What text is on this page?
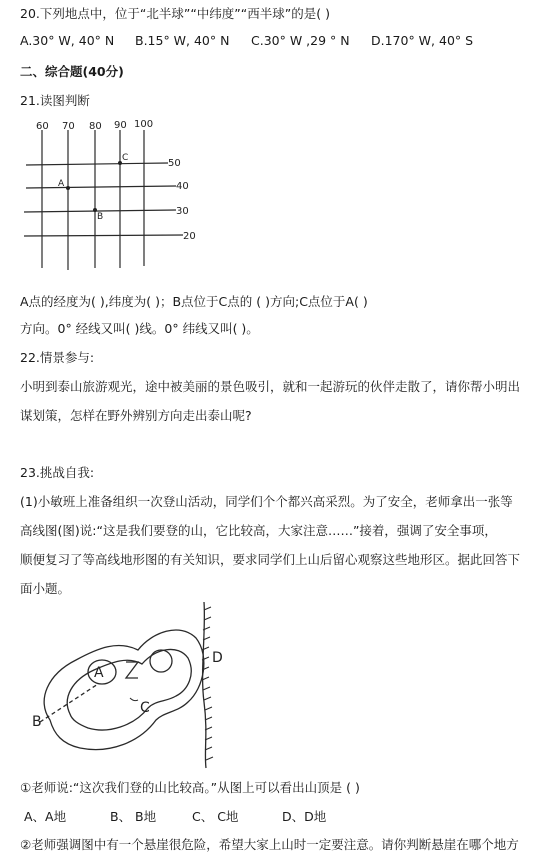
20.下列地点中，位于“北半球”“中纬度”“西半球”的是( )
A.30° W, 40° N B.15° W, 40° N C.30° W ,29 ° N D.170° W, 40° S
二、综合题(40分)
21.读图判断
60 70 80 90 100
50
40
30
20
A
B
C
A点的经度为( ),纬度为( )；B点位于C点的 ( )方向;C点位于A( )
方向。0° 经线又叫( )线。0° 纬线又叫( )。
22.情景参与:
小明到泰山旅游观光，途中被美丽的景色吸引，就和一起游玩的伙伴走散了，请你帮小明出
谋划策，怎样在野外辨别方向走出泰山呢?
23.挑战自我:
(1)小敏班上准备组织一次登山活动，同学们个个都兴高采烈。为了安全，老师拿出一张等
高线图(图)说:“这是我们要登的山，它比较高，大家注意……”接着，强调了安全事项，
顺便复习了等高线地形图的有关知识，要求同学们上山后留心观察这些地形区。据此回答下
面小题。
A
B
C
D
①老师说:“这次我们登的山比较高。”从图上可以看出山顶是 ( )
A、A地	B、 B地	C、 C地	D、D地
②老师强调图中有一个悬崖很危险，希望大家上山时一定要注意。请你判断悬崖在哪个地方
